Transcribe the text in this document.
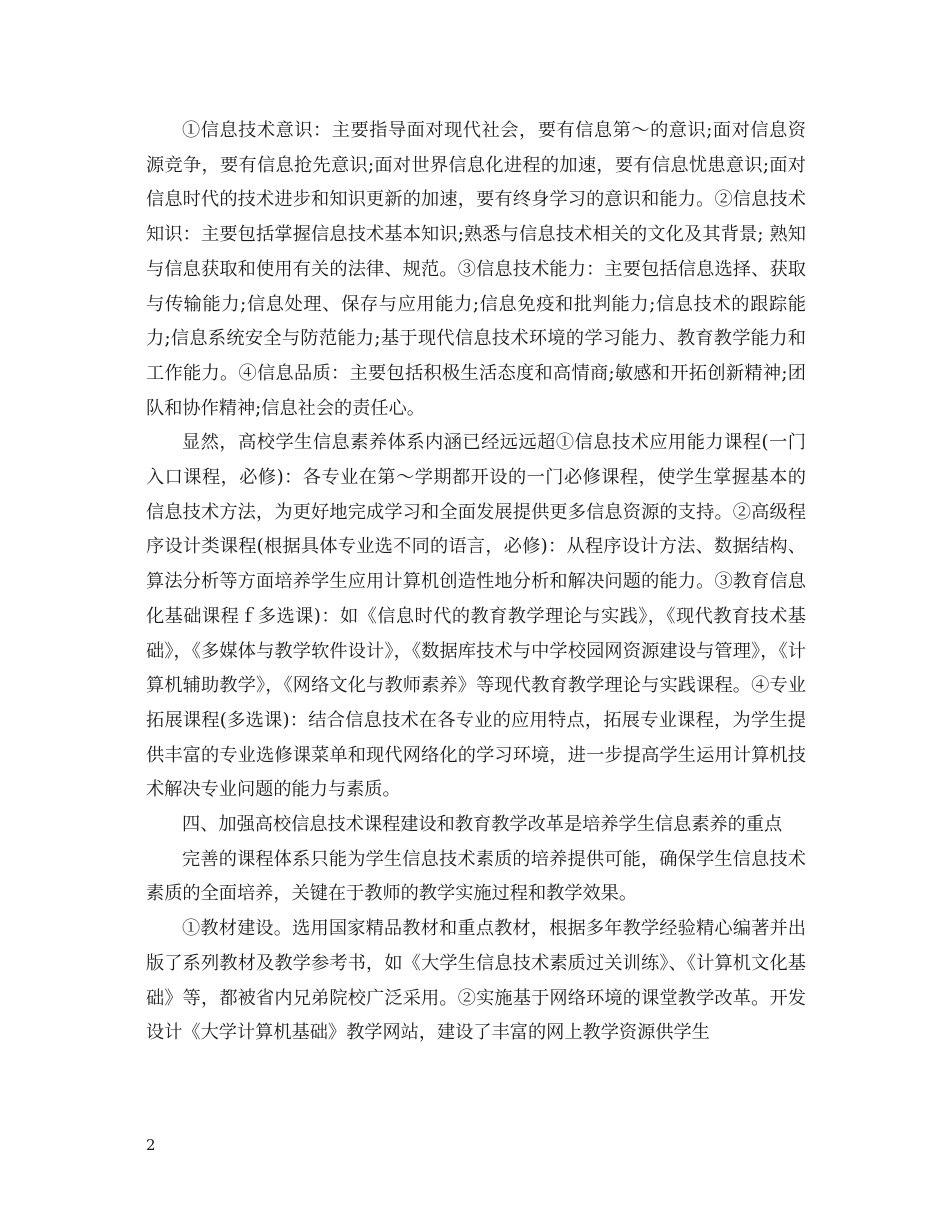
①信息技术意识：主要指导面对现代社会，要有信息第～的意识;面对信息资源竞争，要有信息抢先意识;面对世界信息化进程的加速，要有信息忧患意识;面对信息时代的技术进步和知识更新的加速，要有终身学习的意识和能力。②信息技术知识：主要包括掌握信息技术基本知识;熟悉与信息技术相关的文化及其背景; 熟知与信息获取和使用有关的法律、规范。③信息技术能力：主要包括信息选择、获取与传输能力;信息处理、保存与应用能力;信息免疫和批判能力;信息技术的跟踪能力;信息系统安全与防范能力;基于现代信息技术环境的学习能力、教育教学能力和工作能力。④信息品质：主要包括积极生活态度和高情商;敏感和开拓创新精神;团队和协作精神;信息社会的责任心。

显然，高校学生信息素养体系内涵已经远远超①信息技术应用能力课程(一门入口课程，必修)：各专业在第～学期都开设的一门必修课程，使学生掌握基本的信息技术方法，为更好地完成学习和全面发展提供更多信息资源的支持。②高级程序设计类课程(根据具体专业选不同的语言，必修)：从程序设计方法、数据结构、算法分析等方面培养学生应用计算机创造性地分析和解决问题的能力。③教育信息化基础课程ｆ多选课)：如《信息时代的教育教学理论与实践》，《现代教育技术基础》，《多媒体与教学软件设计》，《数据库技术与中学校园网资源建设与管理》，《计算机辅助教学》，《网络文化与教师素养》等现代教育教学理论与实践课程。④专业拓展课程(多选课)：结合信息技术在各专业的应用特点，拓展专业课程，为学生提供丰富的专业选修课菜单和现代网络化的学习环境，进一步提高学生运用计算机技术解决专业问题的能力与素质。

四、加强高校信息技术课程建设和教育教学改革是培养学生信息素养的重点

完善的课程体系只能为学生信息技术素质的培养提供可能，确保学生信息技术素质的全面培养，关键在于教师的教学实施过程和教学效果。

①教材建设。选用国家精品教材和重点教材，根据多年教学经验精心编著并出版了系列教材及教学参考书，如《大学生信息技术素质过关训练》、《计算机文化基础》等，都被省内兄弟院校广泛采用。②实施基于网络环境的课堂教学改革。开发设计《大学计算机基础》教学网站，建设了丰富的网上教学资源供学生

2
